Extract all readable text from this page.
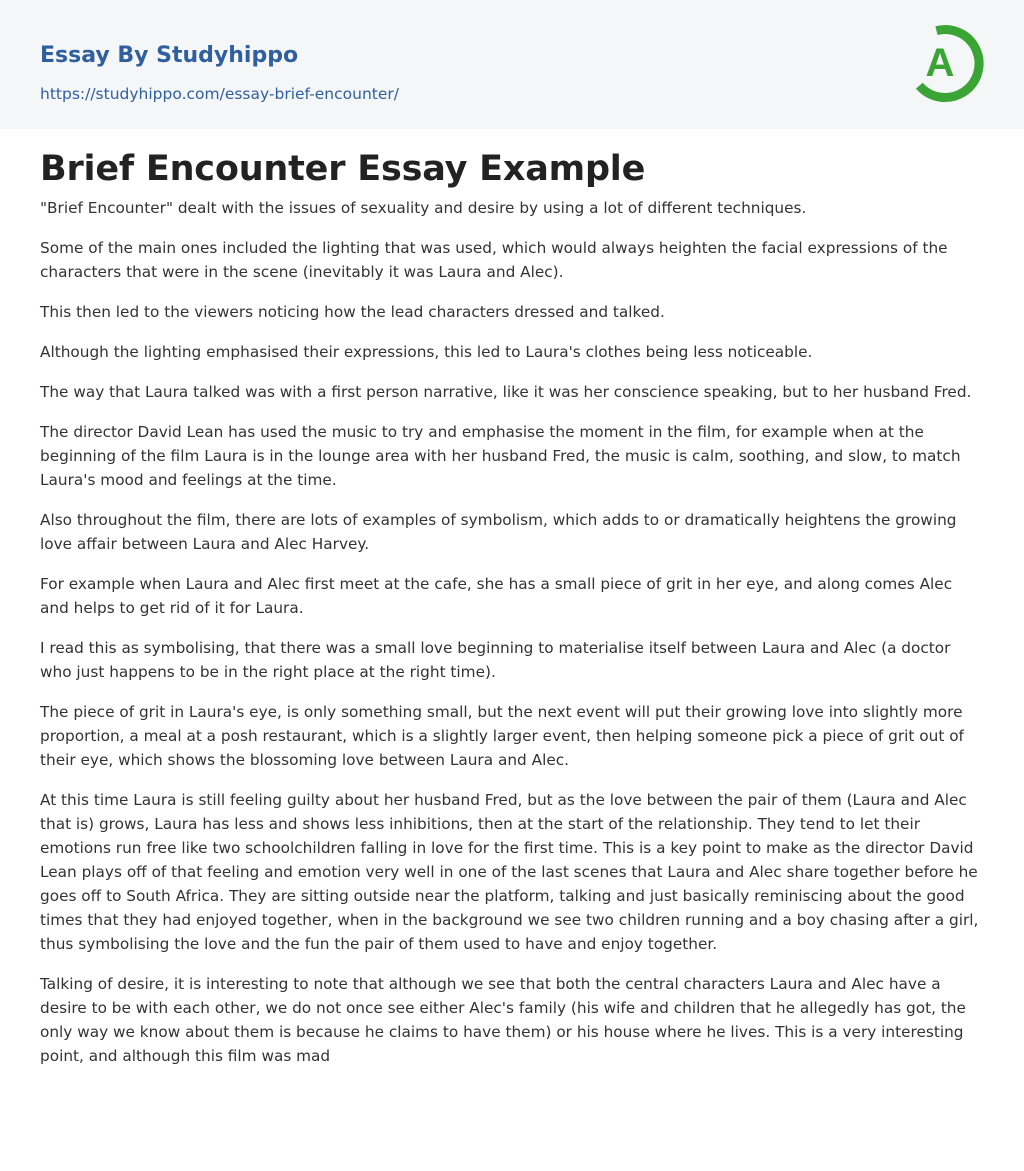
Essay By Studyhippo
https://studyhippo.com/essay-brief-encounter/
A
Brief Encounter Essay Example

"Brief Encounter" dealt with the issues of sexuality and desire by using a lot of different techniques.

Some of the main ones included the lighting that was used, which would always heighten the facial expressions of the characters that were in the scene (inevitably it was Laura and Alec).

This then led to the viewers noticing how the lead characters dressed and talked.

Although the lighting emphasised their expressions, this led to Laura's clothes being less noticeable.

The way that Laura talked was with a first person narrative, like it was her conscience speaking, but to her husband Fred.

The director David Lean has used the music to try and emphasise the moment in the film, for example when at the beginning of the film Laura is in the lounge area with her husband Fred, the music is calm, soothing, and slow, to match Laura's mood and feelings at the time.

Also throughout the film, there are lots of examples of symbolism, which adds to or dramatically heightens the growing love affair between Laura and Alec Harvey.

For example when Laura and Alec first meet at the cafe, she has a small piece of grit in her eye, and along comes Alec and helps to get rid of it for Laura.

I read this as symbolising, that there was a small love beginning to materialise itself between Laura and Alec (a doctor who just happens to be in the right place at the right time).

The piece of grit in Laura's eye, is only something small, but the next event will put their growing love into slightly more proportion, a meal at a posh restaurant, which is a slightly larger event, then helping someone pick a piece of grit out of their eye, which shows the blossoming love between Laura and Alec.

At this time Laura is still feeling guilty about her husband Fred, but as the love between the pair of them (Laura and Alec that is) grows, Laura has less and shows less inhibitions, then at the start of the relationship. They tend to let their emotions run free like two schoolchildren falling in love for the first time. This is a key point to make as the director David Lean plays off of that feeling and emotion very well in one of the last scenes that Laura and Alec share together before he goes off to South Africa. They are sitting outside near the platform, talking and just basically reminiscing about the good times that they had enjoyed together, when in the background we see two children running and a boy chasing after a girl, thus symbolising the love and the fun the pair of them used to have and enjoy together.

Talking of desire, it is interesting to note that although we see that both the central characters Laura and Alec have a desire to be with each other, we do not once see either Alec's family (his wife and children that he allegedly has got, the only way we know about them is because he claims to have them) or his house where he lives. This is a very interesting point, and although this film was mad
